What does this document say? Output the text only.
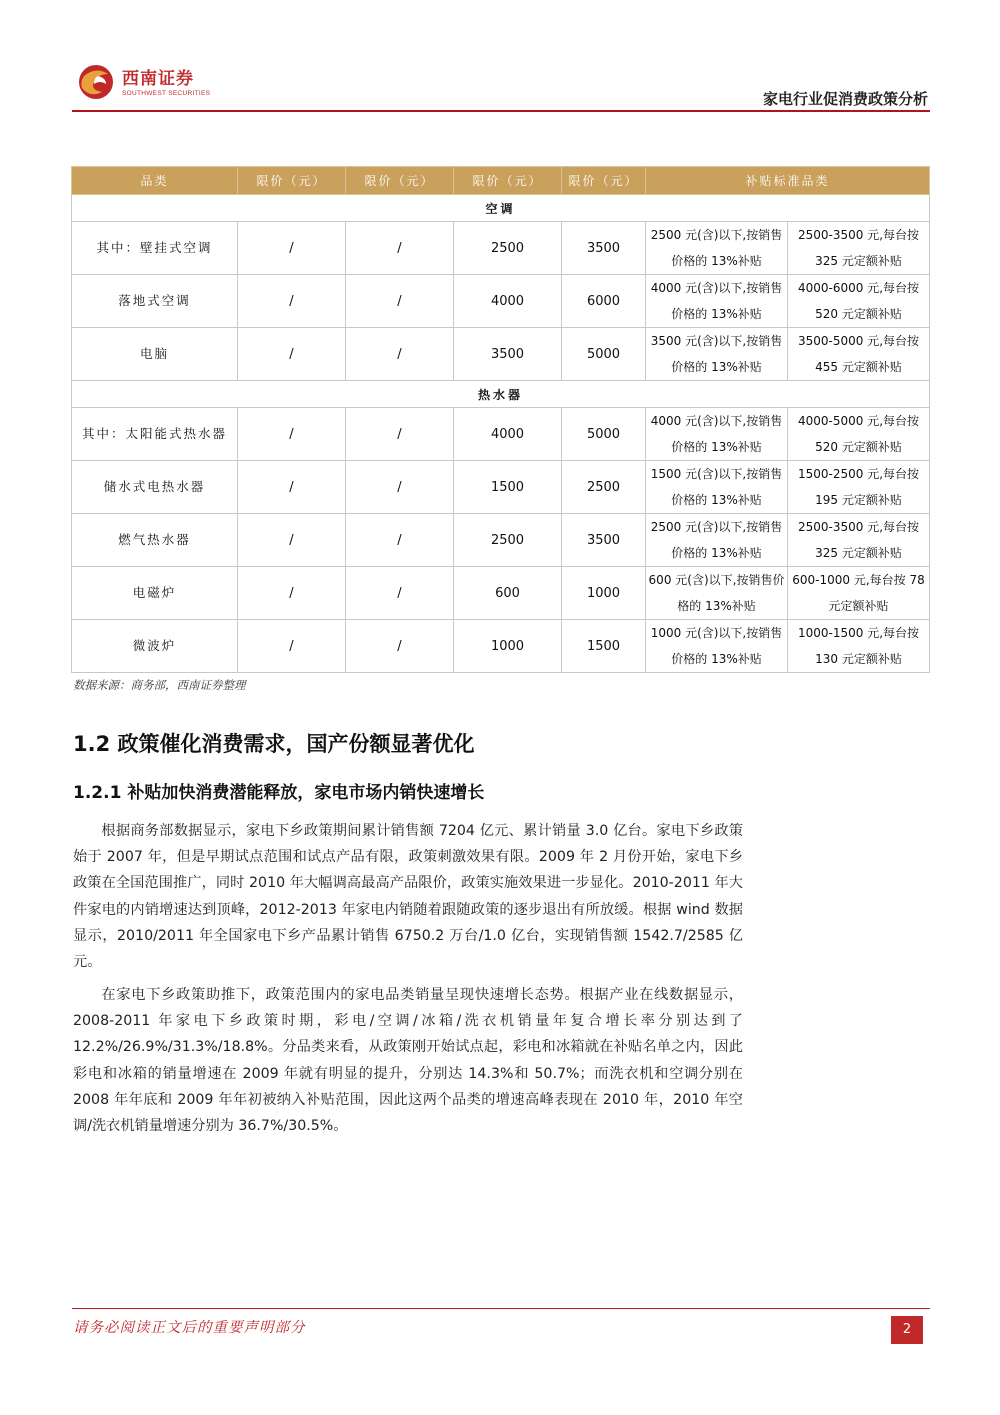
西南证券
SOUTHWEST SECURITIES	家电行业促消费政策分析
品类	限价（元）	限价（元）	限价（元）	限价（元）	补贴标准品类	
空调						
其中：壁挂式空调	/	/	2500	3500	2500 元(含)以下,按销售价格的 13%补贴	2500-3500 元,每台按 325 元定额补贴
落地式空调	/	/	4000	6000	4000 元(含)以下,按销售价格的 13%补贴	4000-6000 元,每台按 520 元定额补贴
电脑	/	/	3500	5000	3500 元(含)以下,按销售价格的 13%补贴	3500-5000 元,每台按 455 元定额补贴
热水器						
其中：太阳能式热水器	/	/	4000	5000	4000 元(含)以下,按销售价格的 13%补贴	4000-5000 元,每台按 520 元定额补贴
储水式电热水器	/	/	1500	2500	1500 元(含)以下,按销售价格的 13%补贴	1500-2500 元,每台按 195 元定额补贴
燃气热水器	/	/	2500	3500	2500 元(含)以下,按销售价格的 13%补贴	2500-3500 元,每台按 325 元定额补贴
电磁炉	/	/	600	1000	600 元(含)以下,按销售价格的 13%补贴	600-1000 元,每台按 78 元定额补贴
微波炉	/	/	1000	1500	1000 元(含)以下,按销售价格的 13%补贴	1000-1500 元,每台按 130 元定额补贴
数据来源：商务部，西南证券整理
1.2 政策催化消费需求，国产份额显著优化
1.2.1 补贴加快消费潜能释放，家电市场内销快速增长

根据商务部数据显示，家电下乡政策期间累计销售额 7204 亿元、累计销量 3.0 亿台。家电下乡政策始于 2007 年，但是早期试点范围和试点产品有限，政策刺激效果有限。2009 年 2 月份开始，家电下乡政策在全国范围推广，同时 2010 年大幅调高最高产品限价，政策实施效果进一步显化。2010-2011 年大件家电的内销增速达到顶峰，2012-2013 年家电内销随着跟随政策的逐步退出有所放缓。根据 wind 数据显示，2010/2011 年全国家电下乡产品累计销售 6750.2 万台/1.0 亿台，实现销售额 1542.7/2585 亿元。

在家电下乡政策助推下，政策范围内的家电品类销量呈现快速增长态势。根据产业在线数据显示，2008-2011 年家电下乡政策时期，彩电/空调/冰箱/洗衣机销量年复合增长率分别达到了 12.2%/26.9%/31.3%/18.8%。分品类来看，从政策刚开始试点起，彩电和冰箱就在补贴名单之内，因此彩电和冰箱的销量增速在 2009 年就有明显的提升，分别达 14.3%和 50.7%；而洗衣机和空调分别在 2008 年年底和 2009 年年初被纳入补贴范围，因此这两个品类的增速高峰表现在 2010 年，2010 年空调/洗衣机销量增速分别为 36.7%/30.5%。

请务必阅读正文后的重要声明部分	2
